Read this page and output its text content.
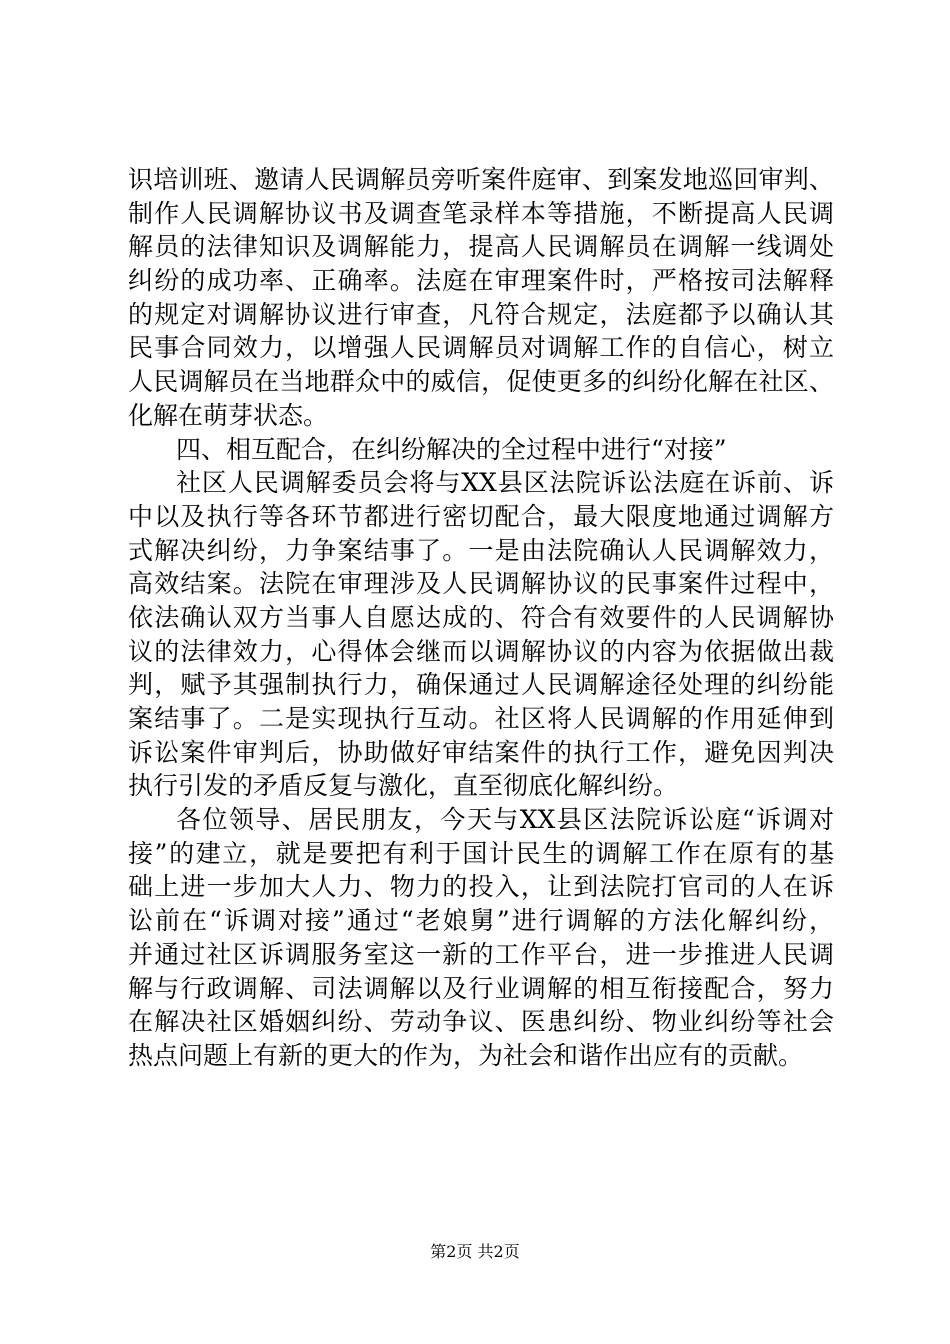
识培训班、邀请人民调解员旁听案件庭审、到案发地巡回审判、
制作人民调解协议书及调查笔录样本等措施，不断提高人民调
解员的法律知识及调解能力，提高人民调解员在调解一线调处
纠纷的成功率、正确率。法庭在审理案件时，严格按司法解释
的规定对调解协议进行审查，凡符合规定，法庭都予以确认其
民事合同效力，以增强人民调解员对调解工作的自信心，树立
人民调解员在当地群众中的威信，促使更多的纠纷化解在社区、
化解在萌芽状态。
四、相互配合，在纠纷解决的全过程中进行“对接”
社区人民调解委员会将与XX县区法院诉讼法庭在诉前、诉
中以及执行等各环节都进行密切配合，最大限度地通过调解方
式解决纠纷，力争案结事了。一是由法院确认人民调解效力，
高效结案。法院在审理涉及人民调解协议的民事案件过程中，
依法确认双方当事人自愿达成的、符合有效要件的人民调解协
议的法律效力，心得体会继而以调解协议的内容为依据做出裁
判，赋予其强制执行力，确保通过人民调解途径处理的纠纷能
案结事了。二是实现执行互动。社区将人民调解的作用延伸到
诉讼案件审判后，协助做好审结案件的执行工作，避免因判决
执行引发的矛盾反复与激化，直至彻底化解纠纷。
各位领导、居民朋友，今天与XX县区法院诉讼庭“诉调对
接”的建立，就是要把有利于国计民生的调解工作在原有的基
础上进一步加大人力、物力的投入，让到法院打官司的人在诉
讼前在“诉调对接”通过“老娘舅”进行调解的方法化解纠纷，
并通过社区诉调服务室这一新的工作平台，进一步推进人民调
解与行政调解、司法调解以及行业调解的相互衔接配合，努力
在解决社区婚姻纠纷、劳动争议、医患纠纷、物业纠纷等社会
热点问题上有新的更大的作为，为社会和谐作出应有的贡献。
第2页 共2页
